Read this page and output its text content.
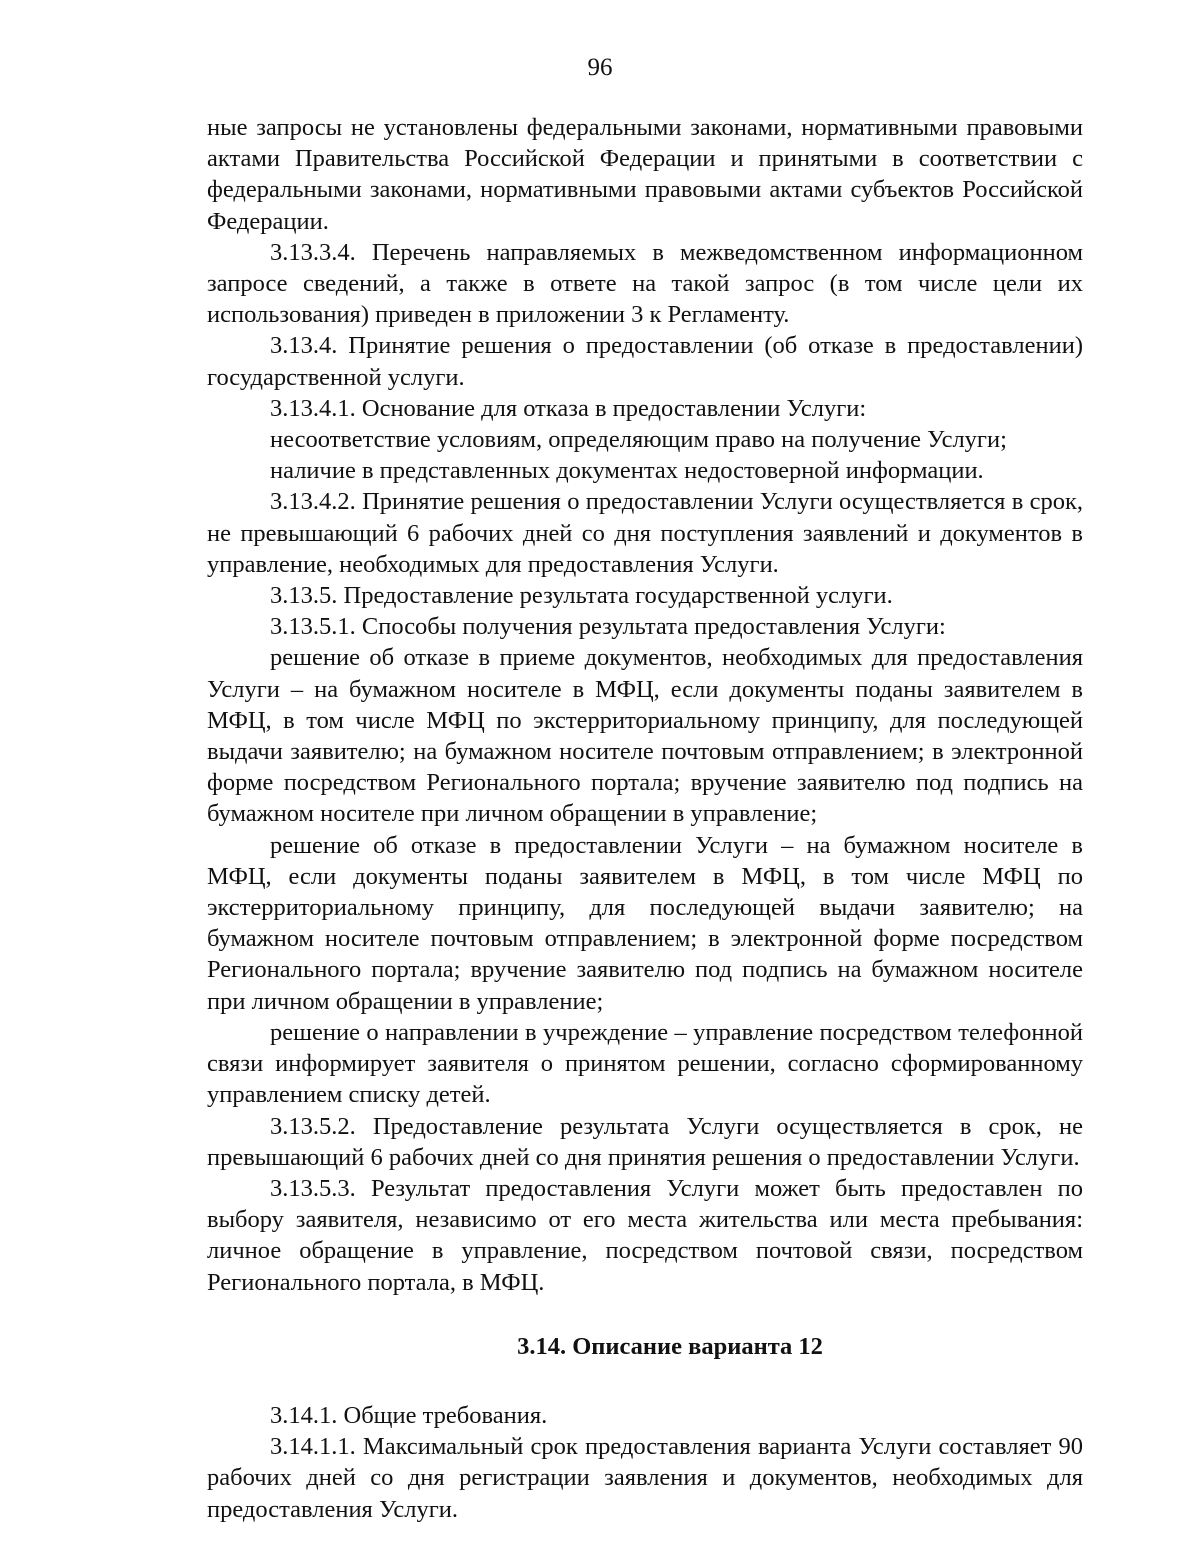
96

ные запросы не установлены федеральными законами, нормативными правовыми актами Правительства Российской Федерации и принятыми в соответствии с федеральными законами, нормативными правовыми актами субъектов Российской Федерации.

3.13.3.4. Перечень направляемых в межведомственном информационном запросе сведений, а также в ответе на такой запрос (в том числе цели их использования) приведен в приложении 3 к Регламенту.

3.13.4. Принятие решения о предоставлении (об отказе в предоставлении) государственной услуги.

3.13.4.1. Основание для отказа в предоставлении Услуги:

несоответствие условиям, определяющим право на получение Услуги;

наличие в представленных документах недостоверной информации.

3.13.4.2. Принятие решения о предоставлении Услуги осуществляется в срок, не превышающий 6 рабочих дней со дня поступления заявлений и документов в управление, необходимых для предоставления Услуги.

3.13.5. Предоставление результата государственной услуги.

3.13.5.1. Способы получения результата предоставления Услуги:

решение об отказе в приеме документов, необходимых для предоставления Услуги – на бумажном носителе в МФЦ, если документы поданы заявителем в МФЦ, в том числе МФЦ по экстерриториальному принципу, для последующей выдачи заявителю; на бумажном носителе почтовым отправлением; в электронной форме посредством Регионального портала; вручение заявителю под подпись на бумажном носителе при личном обращении в управление;

решение об отказе в предоставлении Услуги – на бумажном носителе в МФЦ, если документы поданы заявителем в МФЦ, в том числе МФЦ по экстерриториальному принципу, для последующей выдачи заявителю; на бумажном носителе почтовым отправлением; в электронной форме посредством Регионального портала; вручение заявителю под подпись на бумажном носителе при личном обращении в управление;

решение о направлении в учреждение – управление посредством телефонной связи информирует заявителя о принятом решении, согласно сформированному управлением списку детей.

3.13.5.2. Предоставление результата Услуги осуществляется в срок, не превышающий 6 рабочих дней со дня принятия решения о предоставлении Услуги.

3.13.5.3. Результат предоставления Услуги может быть предоставлен по выбору заявителя, независимо от его места жительства или места пребывания: личное обращение в управление, посредством почтовой связи, посредством Регионального портала, в МФЦ.

3.14. Описание варианта 12

3.14.1. Общие требования.

3.14.1.1. Максимальный срок предоставления варианта Услуги составляет 90 рабочих дней со дня регистрации заявления и документов, необходимых для предоставления Услуги.
